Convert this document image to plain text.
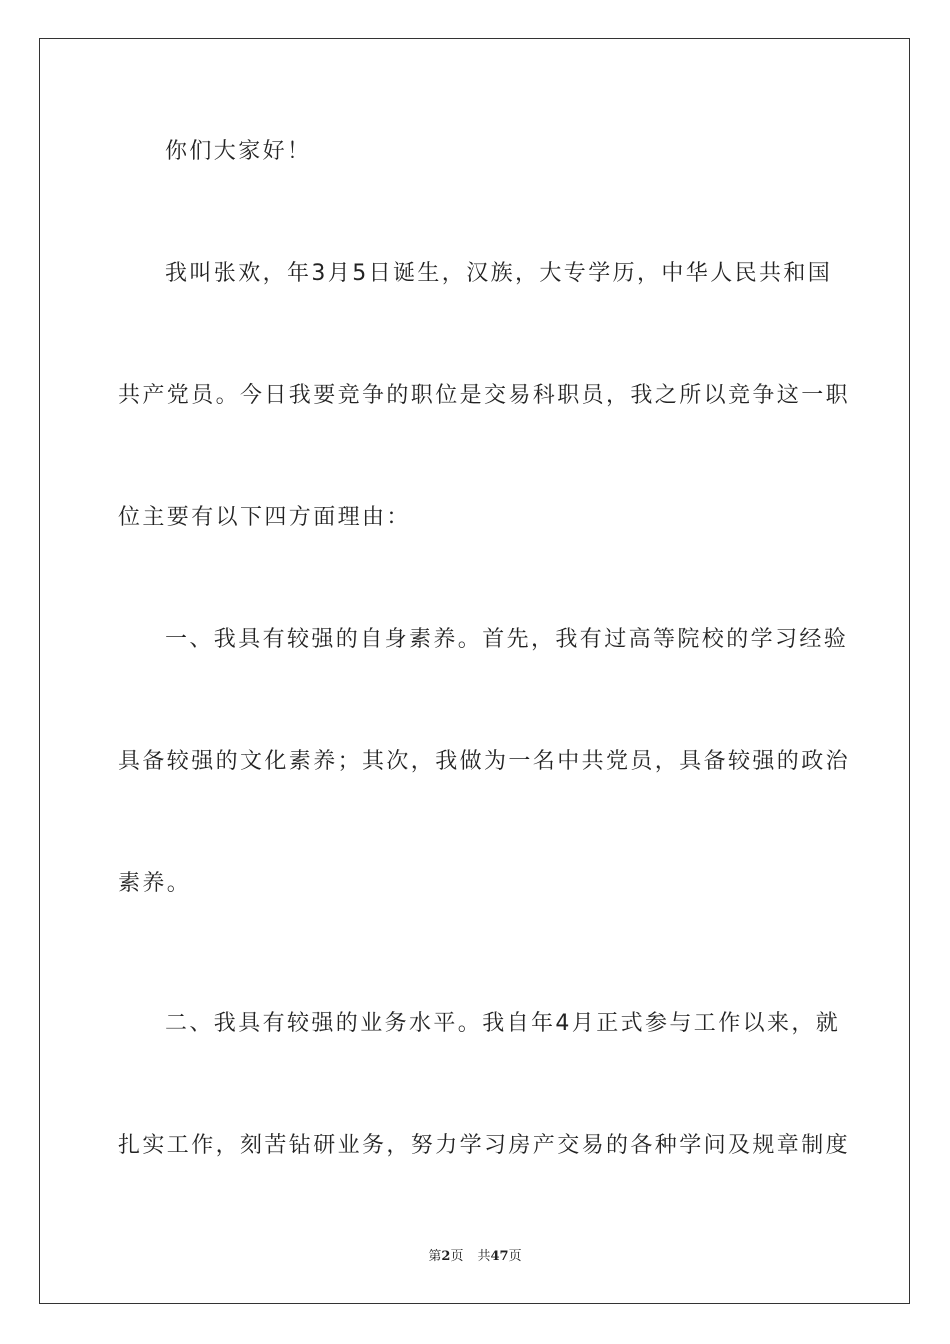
你们大家好！
我叫张欢，年3月5日诞生，汉族，大专学历，中华人民共和国
共产党员。今日我要竞争的职位是交易科职员，我之所以竞争这一职
位主要有以下四方面理由：
一、我具有较强的自身素养。首先，我有过高等院校的学习经验
具备较强的文化素养；其次，我做为一名中共党员，具备较强的政治
素养。
二、我具有较强的业务水平。我自年4月正式参与工作以来，就
扎实工作，刻苦钻研业务，努力学习房产交易的各种学问及规章制度
第2页 共47页
